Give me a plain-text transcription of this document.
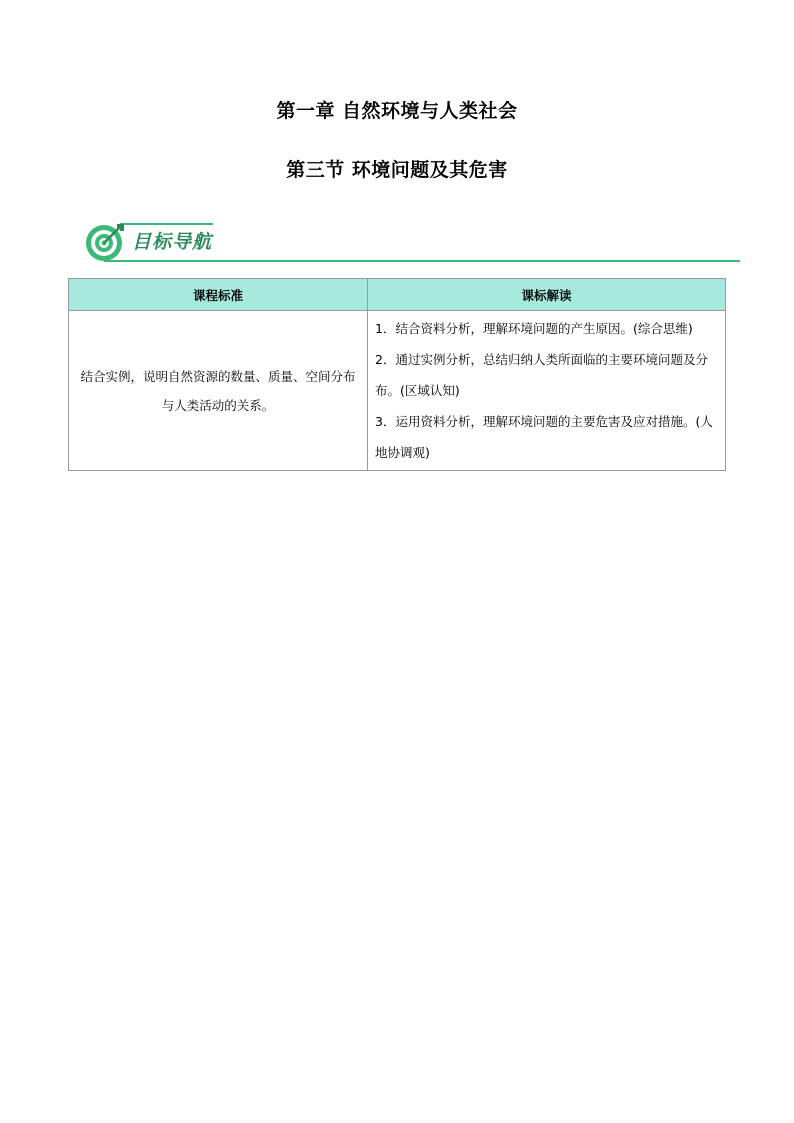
第一章 自然环境与人类社会
第三节 环境问题及其危害
目标导航
课程标准	课标解读
结合实例，说明自然资源的数量、质量、空间分布与人类活动的关系。	1．结合资料分析，理解环境问题的产生原因。(综合思维)
2．通过实例分析，总结归纳人类所面临的主要环境问题及分布。(区域认知)
3．运用资料分析，理解环境问题的主要危害及应对措施。(人地协调观)
